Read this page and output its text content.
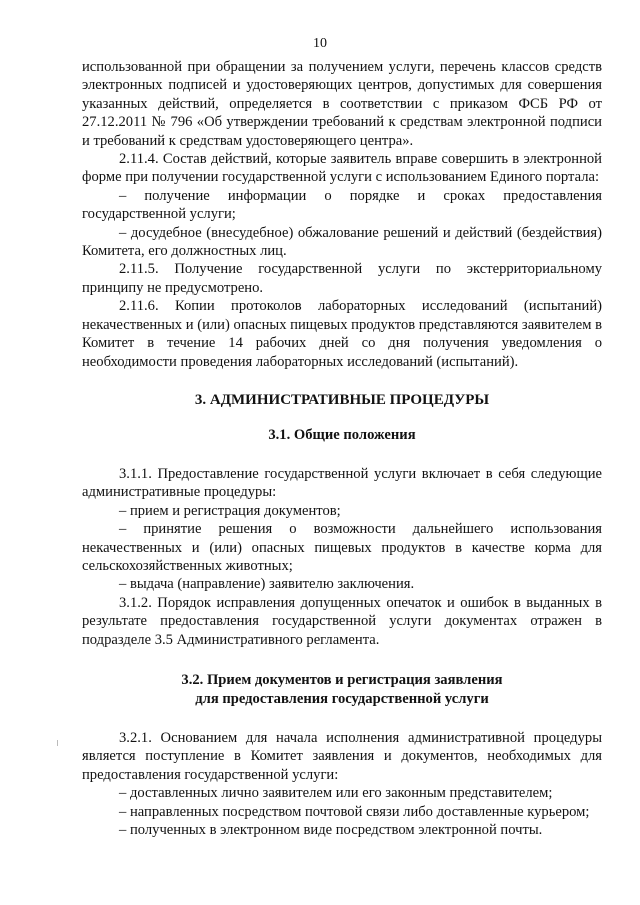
10

использованной при обращении за получением услуги, перечень классов средств электронных подписей и удостоверяющих центров, допустимых для совершения указанных действий, определяется в соответствии с приказом ФСБ РФ от 27.12.2011 № 796 «Об утверждении требований к средствам электронной подписи и требований к средствам удостоверяющего центра».

2.11.4. Состав действий, которые заявитель вправе совершить в электронной форме при получении государственной услуги с использованием Единого портала:

– получение информации о порядке и сроках предоставления государственной услуги;

– досудебное (внесудебное) обжалование решений и действий (бездействия) Комитета, его должностных лиц.

2.11.5. Получение государственной услуги по экстерриториальному принципу не предусмотрено.

2.11.6. Копии протоколов лабораторных исследований (испытаний) некачественных и (или) опасных пищевых продуктов представляются заявителем в Комитет в течение 14 рабочих дней со дня получения уведомления о необходимости проведения лабораторных исследований (испытаний).

3. АДМИНИСТРАТИВНЫЕ ПРОЦЕДУРЫ
3.1. Общие положения

3.1.1. Предоставление государственной услуги включает в себя следующие административные процедуры:

– прием и регистрация документов;

– принятие решения о возможности дальнейшего использования некачественных и (или) опасных пищевых продуктов в качестве корма для сельскохозяйственных животных;

– выдача (направление) заявителю заключения.

3.1.2. Порядок исправления допущенных опечаток и ошибок в выданных в результате предоставления государственной услуги документах отражен в подразделе 3.5 Административного регламента.

3.2. Прием документов и регистрация заявления
для предоставления государственной услуги

3.2.1. Основанием для начала исполнения административной процедуры является поступление в Комитет заявления и документов, необходимых для предоставления государственной услуги:

– доставленных лично заявителем или его законным представителем;

– направленных посредством почтовой связи либо доставленные курьером;

– полученных в электронном виде посредством электронной почты.
